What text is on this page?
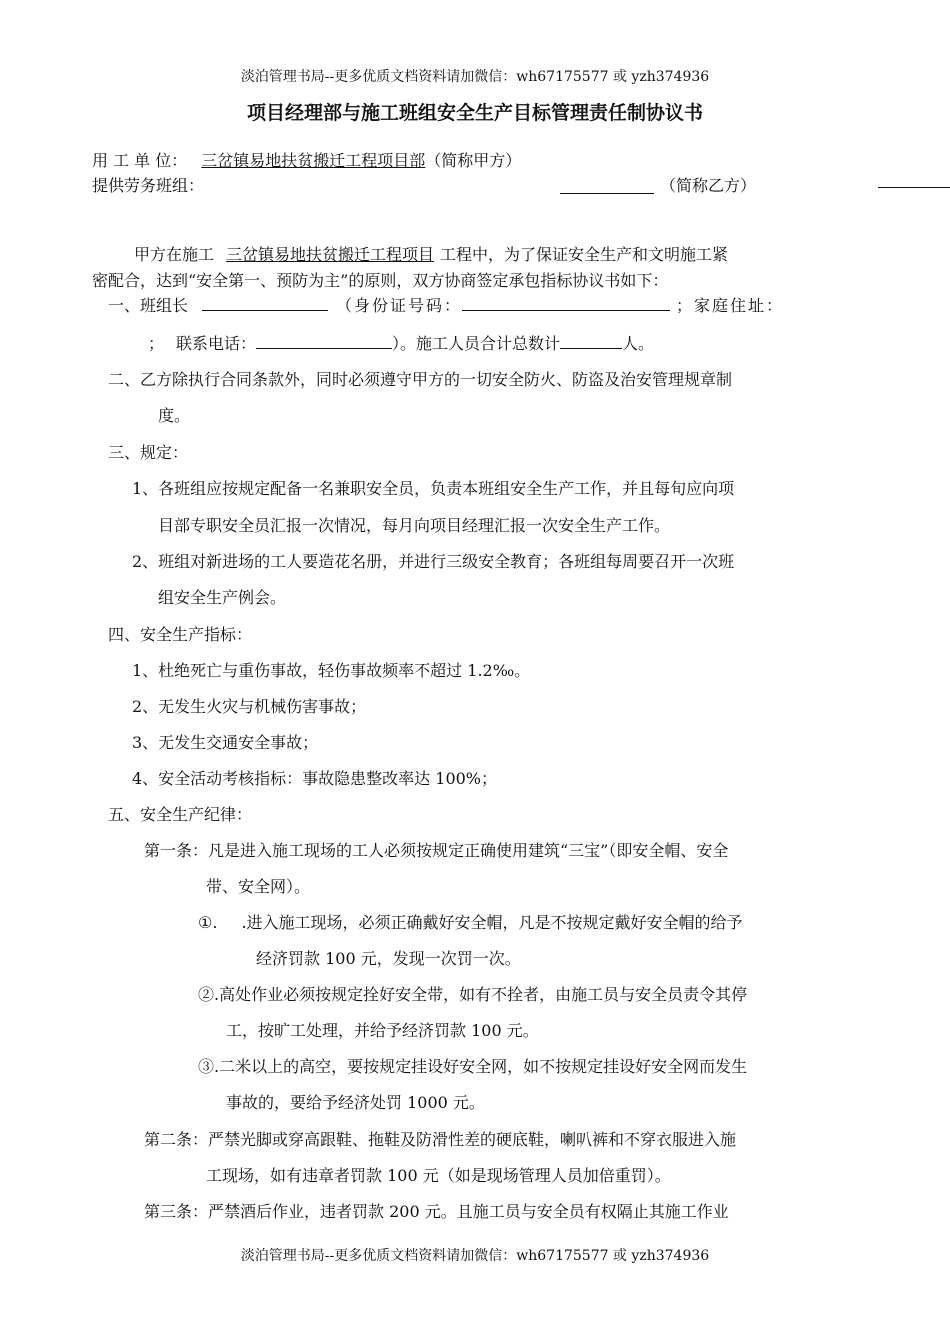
淡泊管理书局--更多优质文档资料请加微信：wh67175577 或 yzh374936
项目经理部与施工班组安全生产目标管理责任制协议书
用 工 单 位： 三岔镇易地扶贫搬迁工程项目部（简称甲方）
提供劳务班组：	（简称乙方）
甲方在施工 三岔镇易地扶贫搬迁工程项目 工程中，为了保证安全生产和文明施工紧
密配合，达到“安全第一、预防为主”的原则，双方协商签定承包指标协议书如下：
一、班组长	（身份证号码：	；家庭住址：
； 联系电话：	）。施工人员合计总数计	人。
二、乙方除执行合同条款外，同时必须遵守甲方的一切安全防火、防盗及治安管理规章制
度。
三、规定：
1、各班组应按规定配备一名兼职安全员，负责本班组安全生产工作，并且每旬应向项
目部专职安全员汇报一次情况，每月向项目经理汇报一次安全生产工作。
2、班组对新进场的工人要造花名册，并进行三级安全教育；各班组每周要召开一次班
组安全生产例会。
四、安全生产指标：
1、杜绝死亡与重伤事故，轻伤事故频率不超过 1.2‰。
2、无发生火灾与机械伤害事故；
3、无发生交通安全事故；
4、安全活动考核指标：事故隐患整改率达 100%；
五、安全生产纪律：
第一条：凡是进入施工现场的工人必须按规定正确使用建筑“三宝”（即安全帽、安全
带、安全网）。
①. .进入施工现场，必须正确戴好安全帽，凡是不按规定戴好安全帽的给予
经济罚款 100 元，发现一次罚一次。
②.高处作业必须按规定拴好安全带，如有不拴者，由施工员与安全员责令其停
工，按旷工处理，并给予经济罚款 100 元。
③.二米以上的高空，要按规定挂设好安全网，如不按规定挂设好安全网而发生
事故的，要给予经济处罚 1000 元。
第二条：严禁光脚或穿高跟鞋、拖鞋及防滑性差的硬底鞋，喇叭裤和不穿衣服进入施
工现场，如有违章者罚款 100 元（如是现场管理人员加倍重罚）。
第三条：严禁酒后作业，违者罚款 200 元。且施工员与安全员有权隔止其施工作业
淡泊管理书局--更多优质文档资料请加微信：wh67175577 或 yzh374936
